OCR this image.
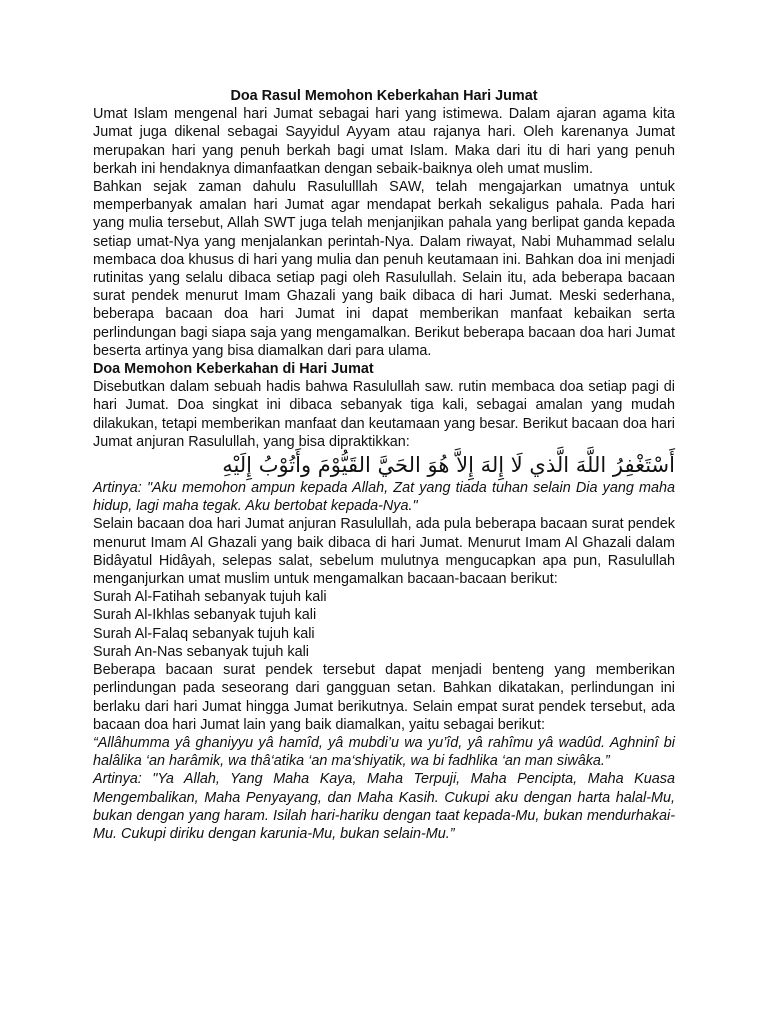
Doa Rasul Memohon Keberkahan Hari Jumat

Umat Islam mengenal hari Jumat sebagai hari yang istimewa. Dalam ajaran agama kita Jumat juga dikenal sebagai Sayyidul Ayyam atau rajanya hari. Oleh karenanya Jumat merupakan hari yang penuh berkah bagi umat Islam. Maka dari itu di hari yang penuh berkah ini hendaknya dimanfaatkan dengan sebaik-baiknya oleh umat muslim.

Bahkan sejak zaman dahulu Rasululllah SAW, telah mengajarkan umatnya untuk memperbanyak amalan hari Jumat agar mendapat berkah sekaligus pahala. Pada hari yang mulia tersebut, Allah SWT juga telah menjanjikan pahala yang berlipat ganda kepada setiap umat-Nya yang menjalankan perintah-Nya. Dalam riwayat, Nabi Muhammad selalu membaca doa khusus di hari yang mulia dan penuh keutamaan ini. Bahkan doa ini menjadi rutinitas yang selalu dibaca setiap pagi oleh Rasulullah. Selain itu, ada beberapa bacaan surat pendek menurut Imam Ghazali yang baik dibaca di hari Jumat. Meski sederhana, beberapa bacaan doa hari Jumat ini dapat memberikan manfaat kebaikan serta perlindungan bagi siapa saja yang mengamalkan. Berikut beberapa bacaan doa hari Jumat beserta artinya yang bisa diamalkan dari para ulama.

Doa Memohon Keberkahan di Hari Jumat

Disebutkan dalam sebuah hadis bahwa Rasulullah saw. rutin membaca doa setiap pagi di hari Jumat. Doa singkat ini dibaca sebanyak tiga kali, sebagai amalan yang mudah dilakukan, tetapi memberikan manfaat dan keutamaan yang besar. Berikut bacaan doa hari Jumat anjuran Rasulullah, yang bisa dipraktikkan:

أَسْتَغْفِرُ اللَّهَ الَّذي لَا إِلهَ إِلاَّ هُوَ الحَيَّ القَيُّوْمَ وأَتُوْبُ إِلَيْهِ

Artinya: "Aku memohon ampun kepada Allah, Zat yang tiada tuhan selain Dia yang maha hidup, lagi maha tegak. Aku bertobat kepada-Nya."

Selain bacaan doa hari Jumat anjuran Rasulullah, ada pula beberapa bacaan surat pendek menurut Imam Al Ghazali yang baik dibaca di hari Jumat. Menurut Imam Al Ghazali dalam Bidâyatul Hidâyah, selepas salat, sebelum mulutnya mengucapkan apa pun, Rasulullah menganjurkan umat muslim untuk mengamalkan bacaan-bacaan berikut:

Surah Al-Fatihah sebanyak tujuh kali
Surah Al-Ikhlas sebanyak tujuh kali
Surah Al-Falaq sebanyak tujuh kali
Surah An-Nas sebanyak tujuh kali

Beberapa bacaan surat pendek tersebut dapat menjadi benteng yang memberikan perlindungan pada seseorang dari gangguan setan. Bahkan dikatakan, perlindungan ini berlaku dari hari Jumat hingga Jumat berikutnya. Selain empat surat pendek tersebut, ada bacaan doa hari Jumat lain yang baik diamalkan, yaitu sebagai berikut:

“Allâhumma yâ ghaniyyu yâ hamîd, yâ mubdi’u wa yu’îd, yâ rahîmu yâ wadûd. Aghninî bi halâlika ‘an harâmik, wa thâ‘atika ‘an ma‘shiyatik, wa bi fadhlika ‘an man siwâka.”

Artinya: "Ya Allah, Yang Maha Kaya, Maha Terpuji, Maha Pencipta, Maha Kuasa Mengembalikan, Maha Penyayang, dan Maha Kasih. Cukupi aku dengan harta halal-Mu, bukan dengan yang haram. Isilah hari-hariku dengan taat kepada-Mu, bukan mendurhakai-Mu. Cukupi diriku dengan karunia-Mu, bukan selain-Mu.”
